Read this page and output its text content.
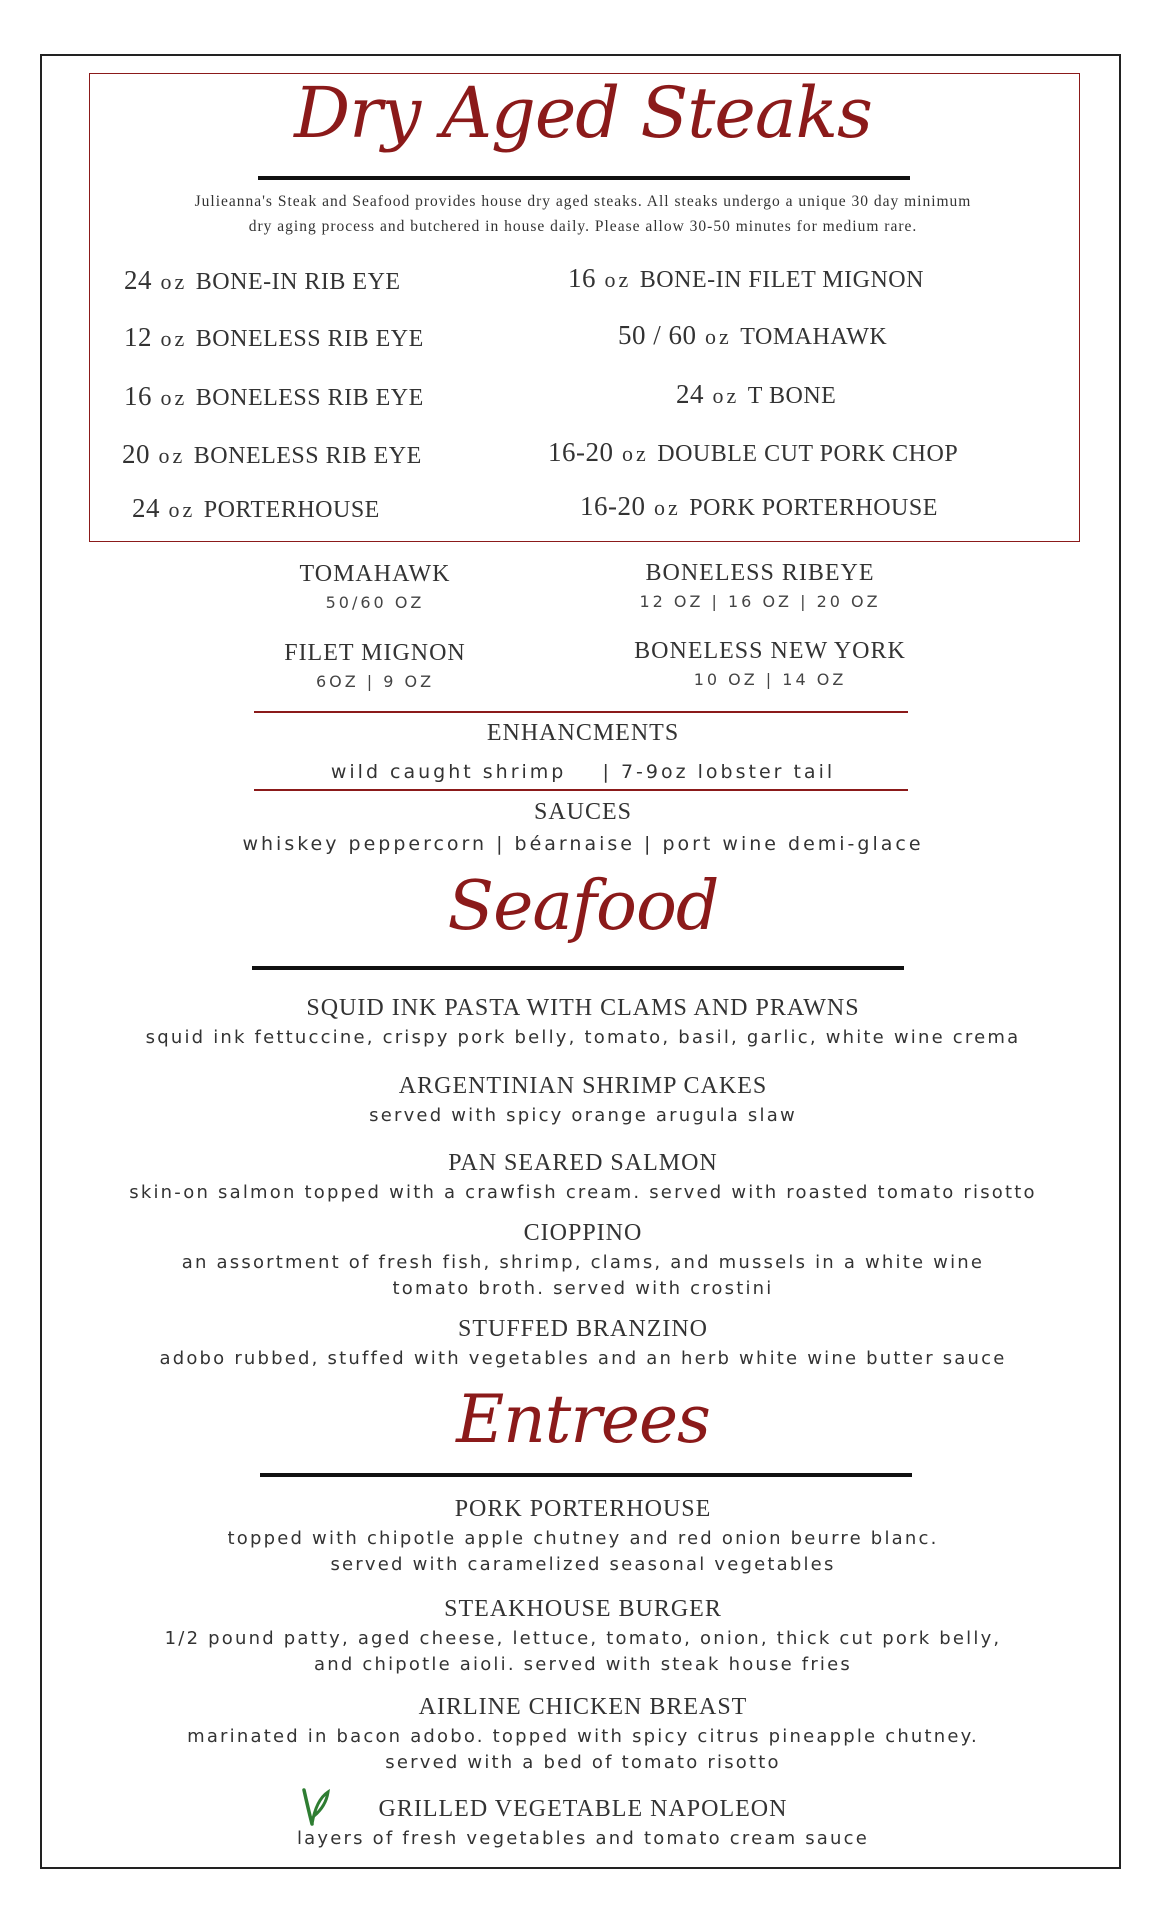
Dry Aged Steaks
Julieanna's Steak and Seafood provides house dry aged steaks. All steaks undergo a unique 30 day minimum
dry aging process and butchered in house daily. Please allow 30-50 minutes for medium rare.
24 oz BONE-IN RIB EYE
12 oz BONELESS RIB EYE
16 oz BONELESS RIB EYE
20 oz BONELESS RIB EYE
24 oz PORTERHOUSE
16 oz BONE-IN FILET MIGNON
50 / 60 oz TOMAHAWK
24 oz T BONE
16-20 oz DOUBLE CUT PORK CHOP
16-20 oz PORK PORTERHOUSE
TOMAHAWK
50/60 OZ
BONELESS RIBEYE
12 OZ | 16 OZ | 20 OZ
FILET MIGNON
6OZ | 9 OZ
BONELESS NEW YORK
10 OZ | 14 OZ
ENHANCMENTS
wild caught shrimp    | 7-9oz lobster tail
SAUCES
whiskey peppercorn | béarnaise | port wine demi-glace
Seafood
SQUID INK PASTA WITH CLAMS AND PRAWNS
squid ink fettuccine, crispy pork belly, tomato, basil, garlic, white wine crema
ARGENTINIAN SHRIMP CAKES
served with spicy orange arugula slaw
PAN SEARED SALMON
skin-on salmon topped with a crawfish cream. served with roasted tomato risotto
CIOPPINO
an assortment of fresh fish, shrimp, clams, and mussels in a white wine
tomato broth. served with crostini
STUFFED BRANZINO
adobo rubbed, stuffed with vegetables and an herb white wine butter sauce
Entrees
PORK PORTERHOUSE
topped with chipotle apple chutney and red onion beurre blanc.
served with caramelized seasonal vegetables
STEAKHOUSE BURGER
1/2 pound patty, aged cheese, lettuce, tomato, onion, thick cut pork belly,
and chipotle aioli. served with steak house fries
AIRLINE CHICKEN BREAST
marinated in bacon adobo. topped with spicy citrus pineapple chutney.
served with a bed of tomato risotto
GRILLED VEGETABLE NAPOLEON
layers of fresh vegetables and tomato cream sauce
